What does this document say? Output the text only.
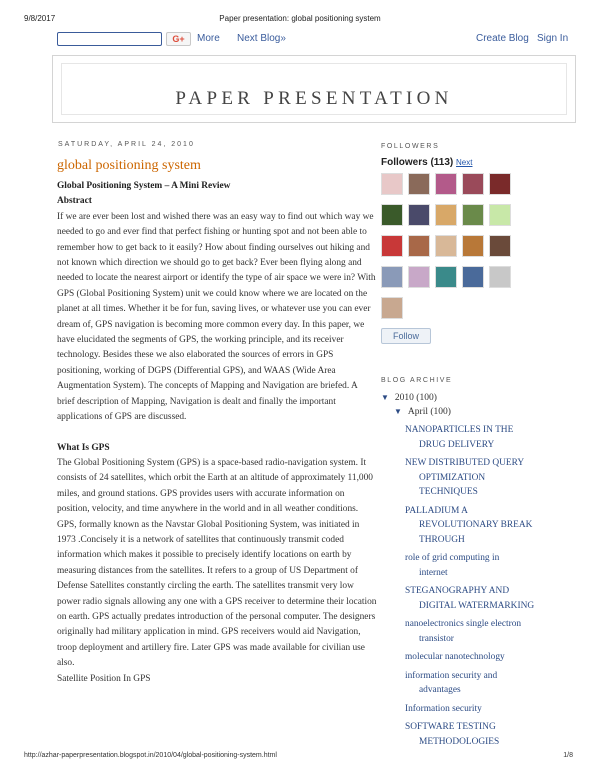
9/8/2017	Paper presentation: global positioning system
G+	More Next Blog»	Create Blog Sign In
PAPER PRESENTATION
SATURDAY, APRIL 24, 2010
global positioning system
Global Positioning System – A Mini Review
Abstract
If we are ever been lost and wished there was an easy way to find out which way we needed to go and ever find that perfect fishing or hunting spot and not been able to remember how to get back to it easily? How about finding ourselves out hiking and not known which direction we should go to get back? Ever been flying along and needed to locate the nearest airport or identify the type of air space we were in? With GPS (Global Positioning System) unit we could know where we are located on the planet at all times. Whether it be for fun, saving lives, or whatever use you can ever dream of, GPS navigation is becoming more common every day. In this paper, we have elucidated the segments of GPS, the working principle, and its receiver technology. Besides these we also elaborated the sources of errors in GPS positioning, working of DGPS (Differential GPS), and WAAS (Wide Area Augmentation System). The concepts of Mapping and Navigation are briefed. A brief description of Mapping, Navigation is dealt and finally the important applications of GPS are discussed.
What Is GPS
The Global Positioning System (GPS) is a space-based radio-navigation system. It consists of 24 satellites, which orbit the Earth at an altitude of approximately 11,000 miles, and ground stations. GPS provides users with accurate information on position, velocity, and time anywhere in the world and in all weather conditions. GPS, formally known as the Navstar Global Positioning System, was initiated in 1973 .Concisely it is a network of satellites that continuously transmit coded information which makes it possible to precisely identify locations on earth by measuring distances from the satellites. It refers to a group of US Department of Defense Satellites constantly circling the earth. The satellites transmit very low power radio signals allowing any one with a GPS receiver to determine their location on earth. GPS actually predates introduction of the personal computer. The designers originally had military application in mind. GPS receivers would aid Navigation, troop deployment and artillery fire. Later GPS was made available for civilian use also.
Satellite Position In GPS
FOLLOWERS
Followers (113) Next
Follow
BLOG ARCHIVE
▼ 2010 (100)
▼ April (100)
NANOPARTICLES IN THE
DRUG DELIVERY
NEW DISTRIBUTED QUERY
OPTIMIZATION
TECHNIQUES
PALLADIUM A
REVOLUTIONARY BREAK
THROUGH
role of grid computing in
internet
STEGANOGRAPHY AND
DIGITAL WATERMARKING
nanoelectronics single electron
transistor
molecular nanotechnology
information security and
advantages
Information security
SOFTWARE TESTING
METHODOLOGIES
http://azhar-paperpresentation.blogspot.in/2010/04/global-positioning-system.html	1/8
